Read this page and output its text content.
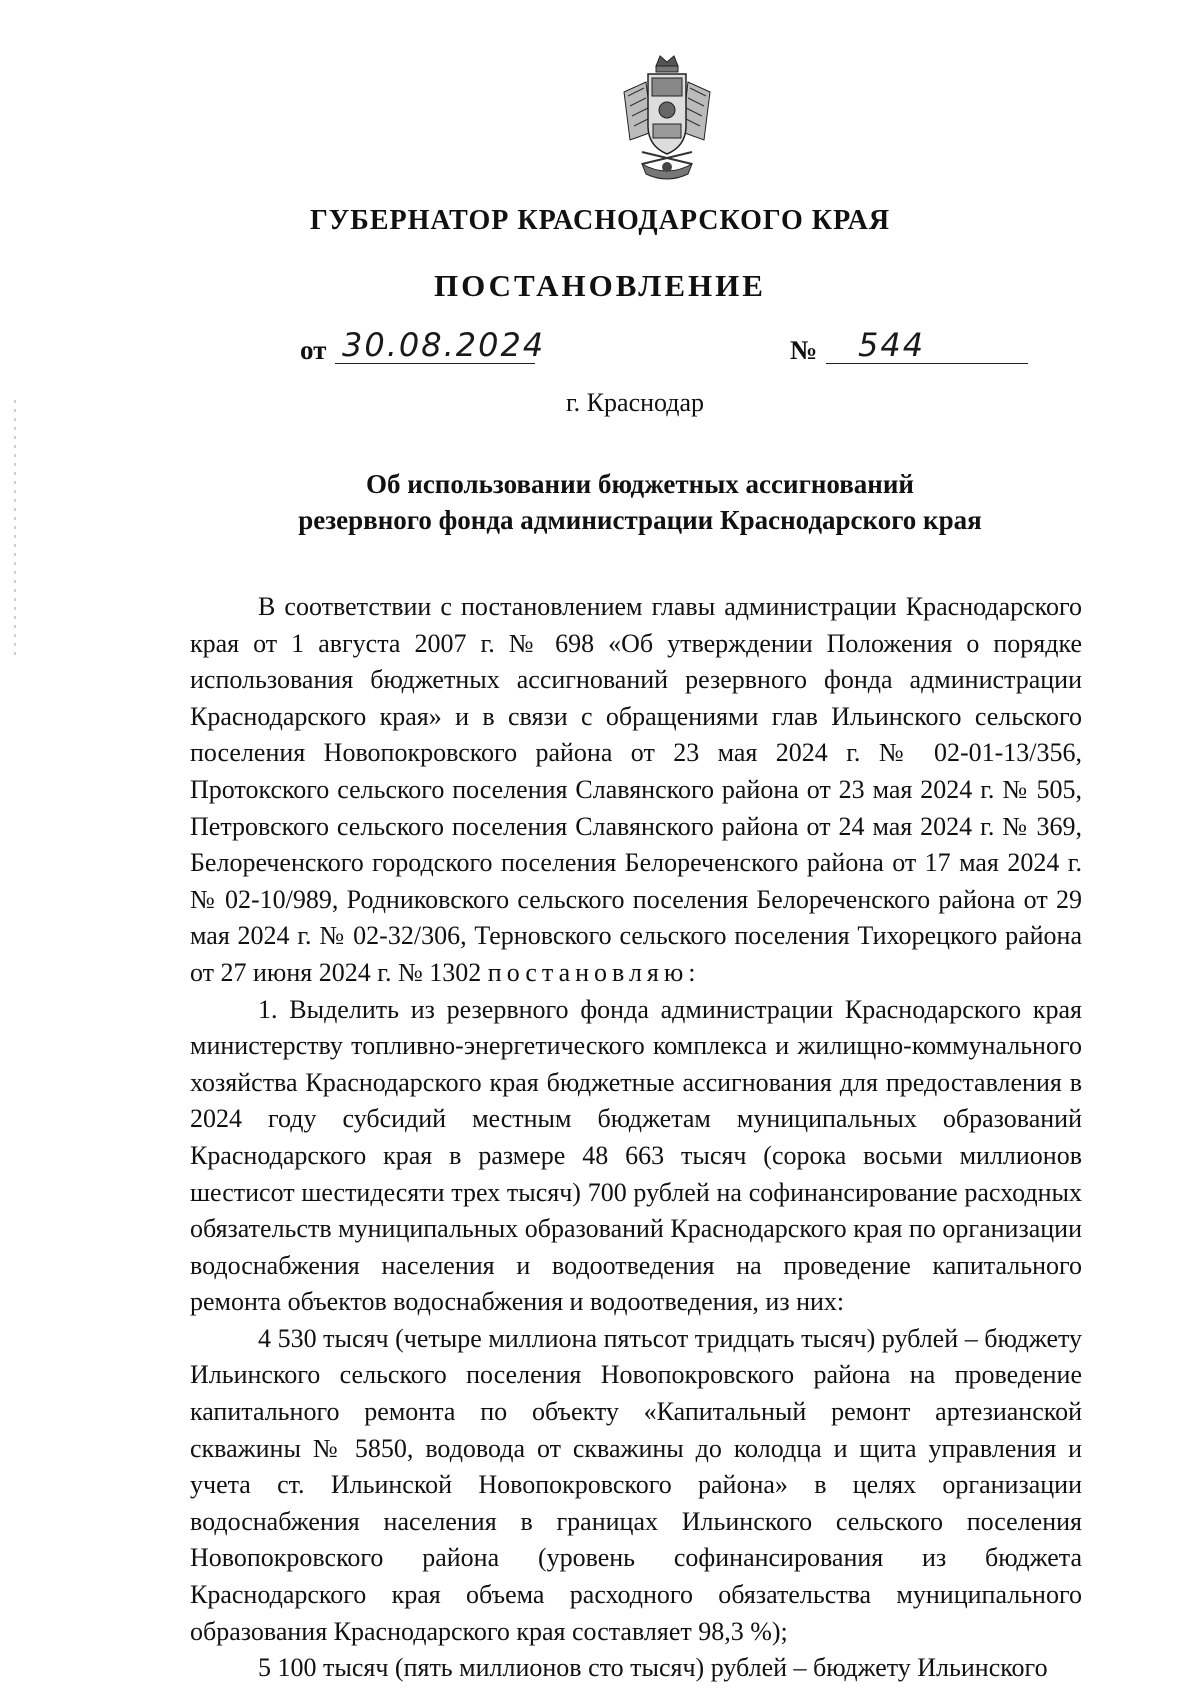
ГУБЕРНАТОР КРАСНОДАРСКОГО КРАЯ
ПОСТАНОВЛЕНИЕ
от 30.08.2024	№ 544
г. Краснодар
Об использовании бюджетных ассигнований
резервного фонда администрации Краснодарского края

В соответствии с постановлением главы администрации Краснодарского края от 1 августа 2007 г. № 698 «Об утверждении Положения о порядке использования бюджетных ассигнований резервного фонда администрации Краснодарского края» и в связи с обращениями глав Ильинского сельского поселения Новопокровского района от 23 мая 2024 г. № 02-01-13/356, Протокского сельского поселения Славянского района от 23 мая 2024 г. № 505, Петровского сельского поселения Славянского района от 24 мая 2024 г. № 369, Белореченского городского поселения Белореченского района от 17 мая 2024 г. № 02-10/989, Родниковского сельского поселения Белореченского района от 29 мая 2024 г. № 02-32/306, Терновского сельского поселения Тихорецкого района от 27 июня 2024 г. № 1302 постановляю:

1. Выделить из резервного фонда администрации Краснодарского края министерству топливно-энергетического комплекса и жилищно-коммунального хозяйства Краснодарского края бюджетные ассигнования для предоставления в 2024 году субсидий местным бюджетам муниципальных образований Краснодарского края в размере 48 663 тысяч (сорока восьми миллионов шестисот шестидесяти трех тысяч) 700 рублей на софинансирование расходных обязательств муниципальных образований Краснодарского края по организации водоснабжения населения и водоотведения на проведение капитального ремонта объектов водоснабжения и водоотведения, из них:

4 530 тысяч (четыре миллиона пятьсот тридцать тысяч) рублей – бюджету Ильинского сельского поселения Новопокровского района на проведение капитального ремонта по объекту «Капитальный ремонт артезианской скважины № 5850, водовода от скважины до колодца и щита управления и учета ст. Ильинской Новопокровского района» в целях организации водоснабжения населения в границах Ильинского сельского поселения Новопокровского района (уровень софинансирования из бюджета Краснодарского края объема расходного обязательства муниципального образования Краснодарского края составляет 98,3 %);

5 100 тысяч (пять миллионов сто тысяч) рублей – бюджету Ильинского
